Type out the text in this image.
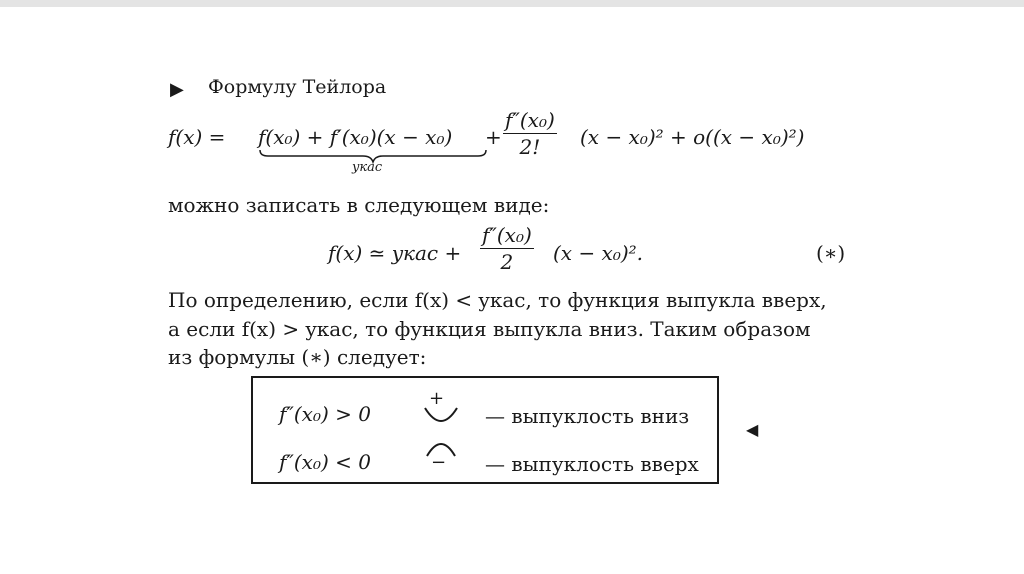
▶ Формулу Тейлора
f(x) = f(x₀) + f′(x₀)(x − x₀)
yкас
+ $\frac{\text{f″(x₀)}}{2!} (x - x_0)^2 + o((x - x_0)^2)$
можно записать в следующем виде:
f(x) ≃ yкас + $\frac{\text{f″(x₀)}}{2} (x - x_0)^2$.	(∗)
По определению, если f(x) < yкас, то функция выпукла вверх,
а если f(x) > yкас, то функция выпукла вниз. Таким образом
из формулы (∗) следует:
f″(x₀) > 0
+
— выпуклость вниз
f″(x₀) < 0	− — выпуклость вверх
◀
